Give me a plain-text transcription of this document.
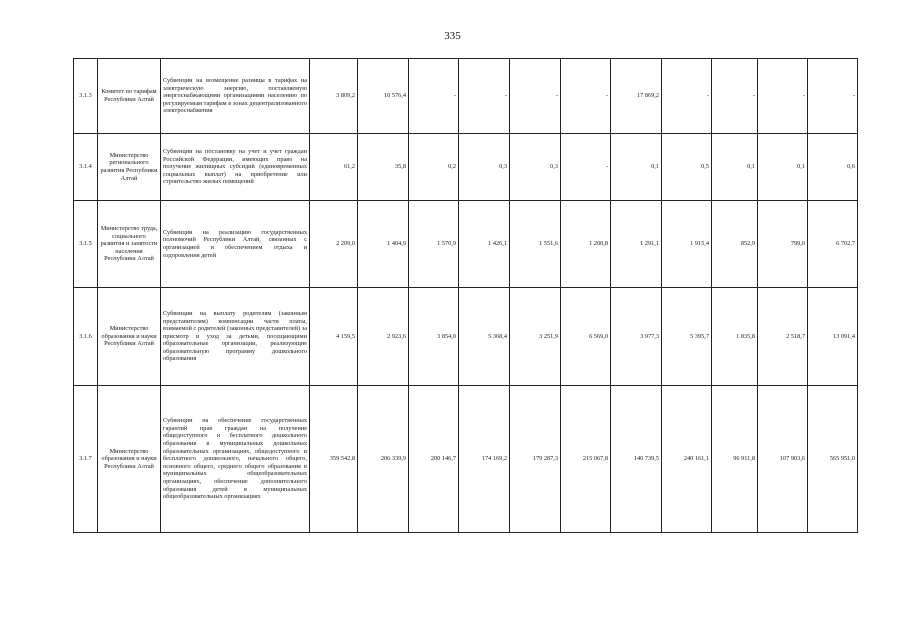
335
3.1.3	Комитет по тарифам Республики Алтай	Субвенции на возмещение разницы в тарифах на электрическую энергию, поставляемую энергоснабжающими организациями населению по регулируемым тарифам в зонах децентрализованного электроснабжения	3 809,2	10 576,4	-	-	-	-	17 869,2	-	-	-	-
3.1.4	Министерство регионального развития Республики Алтай	Субвенции на постановку на учет и учет граждан Российской Федерации, имеющих право на получение жилищных субсидий (единовременных социальных выплат) на приобретение или строительство жилых помещений	61,2	35,8	0,2	0,3	0,3	-	0,1	0,5	0,1	0,1	0,6
3.1.5	Министерство труда, социального развития и занятости населения Республики Алтай	Субвенции на реализацию государственных полномочий Республики Алтай, связанных с организацией и обеспечением отдыха и оздоровления детей	2 209,0	1 404,9	1 570,9	1 426,1	1 551,6	1 200,8	1 291,1	1 915,4	852,9	799,0	6 702,7
3.1.6	Министерство образования и науки Республики Алтай	Субвенции на выплату родителям (законным представителям) компенсации части платы, взимаемой с родителей (законных представителей) за присмотр и уход за детьми, посещающими образовательные организации, реализующие образовательную программу дошкольного образования	4 159,5	2 923,6	3 854,0	5 368,4	3 251,9	6 569,0	3 977,3	5 395,7	1 835,8	2 518,7	13 091,4
3.1.7	Министерство образования и науки Республики Алтай	Субвенции на обеспечение государственных гарантий прав граждан на получение общедоступного и бесплатного дошкольного образования в муниципальных дошкольных образовательных организациях, общедоступного и бесплатного дошкольного, начального общего, основного общего, среднего общего образования в муниципальных общеобразовательных организациях, обеспечение дополнительного образования детей в муниципальных общеобразовательных организациях	359 542,8	206 339,9	200 146,7	174 169,2	179 287,3	215 067,8	140 739,5	240 161,1	96 911,8	107 903,6	565 951,0
